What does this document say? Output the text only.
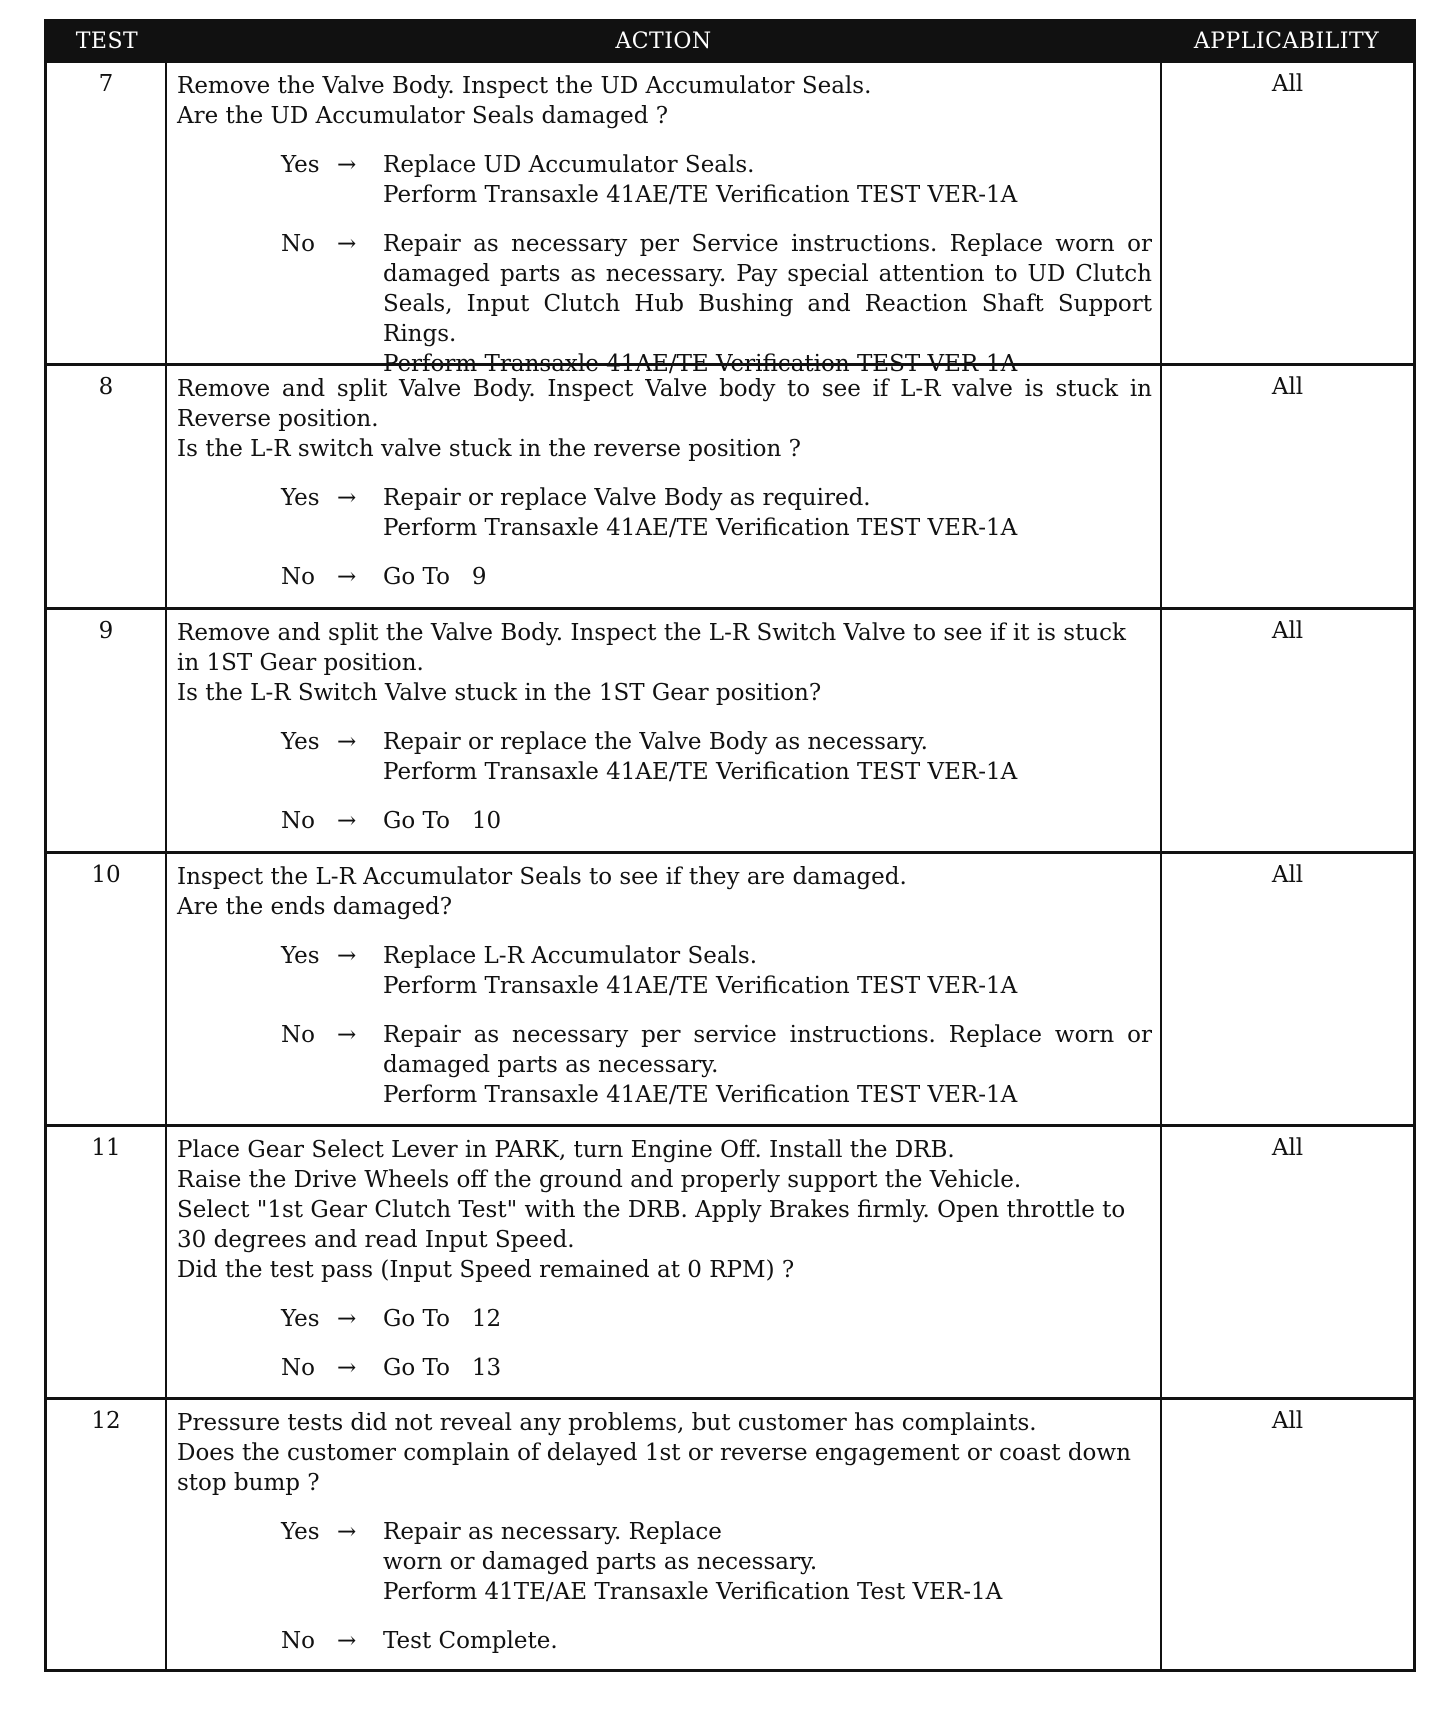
TEST	ACTION	APPLICABILITY
7	Remove the Valve Body. Inspect the UD Accumulator Seals.
Are the UD Accumulator Seals damaged ?
Yes →	Replace UD Accumulator Seals.
Perform Transaxle 41AE/TE Verification TEST VER-1A
No →	Repair as necessary per Service instructions. Replace worn or damaged parts as necessary. Pay special attention to UD Clutch Seals, Input Clutch Hub Bushing and Reaction Shaft Support Rings.
Perform Transaxle 41AE/TE Verification TEST VER-1A
All
8	Remove and split Valve Body. Inspect Valve body to see if L-R valve is stuck in Reverse position.
Is the L-R switch valve stuck in the reverse position ?
Yes →	Repair or replace Valve Body as required.
Perform Transaxle 41AE/TE Verification TEST VER-1A
No →	Go To   9
All
9	Remove and split the Valve Body. Inspect the L-R Switch Valve to see if it is stuck in 1ST Gear position.
Is the L-R Switch Valve stuck in the 1ST Gear position?
Yes →	Repair or replace the Valve Body as necessary.
Perform Transaxle 41AE/TE Verification TEST VER-1A
No →	Go To   10
All
10	Inspect the L-R Accumulator Seals to see if they are damaged.
Are the ends damaged?
Yes →	Replace L-R Accumulator Seals.
Perform Transaxle 41AE/TE Verification TEST VER-1A
No →	Repair as necessary per service instructions. Replace worn or damaged parts as necessary.
Perform Transaxle 41AE/TE Verification TEST VER-1A
All
11	Place Gear Select Lever in PARK, turn Engine Off. Install the DRB.
Raise the Drive Wheels off the ground and properly support the Vehicle.
Select "1st Gear Clutch Test" with the DRB. Apply Brakes firmly. Open throttle to 30 degrees and read Input Speed.
Did the test pass (Input Speed remained at 0 RPM) ?
Yes →	Go To   12
No →	Go To   13
All
12	Pressure tests did not reveal any problems, but customer has complaints.
Does the customer complain of delayed 1st or reverse engagement or coast down stop bump ?
Yes →	Repair as necessary. Replace
worn or damaged parts as necessary.
Perform 41TE/AE Transaxle Verification Test VER-1A
No →	Test Complete.
All
